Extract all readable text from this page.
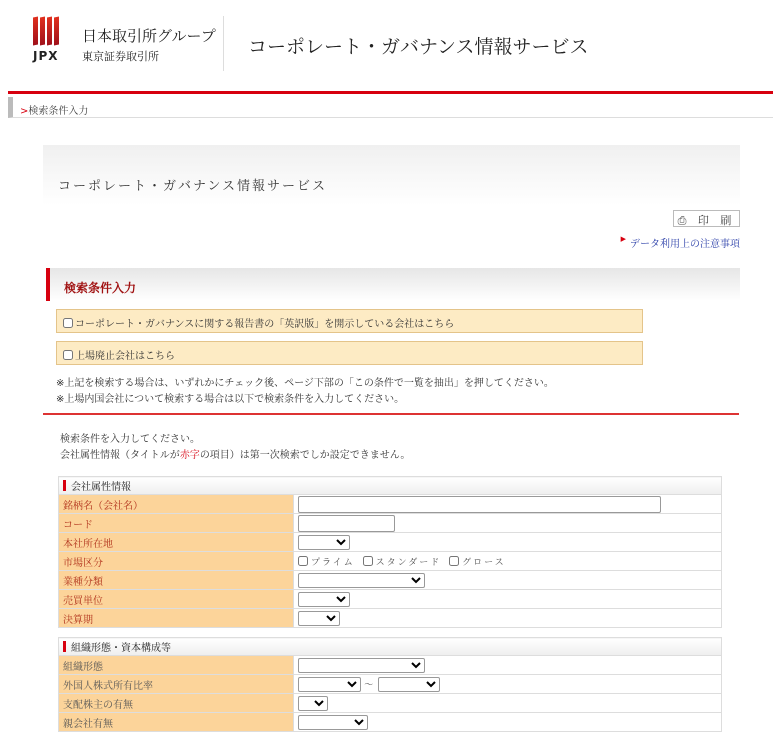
JPX
日本取引所グループ
東京証券取引所	コーポレート・ガバナンス情報サービス
>検索条件入力
コーポレート・ガバナンス情報サービス
⎙ 印 刷
▶ データ利用上の注意事項
検索条件入力
コーポレート・ガバナンスに関する報告書の「英訳版」を開示している会社はこちら
上場廃止会社はこちら
※上記を検索する場合は、いずれかにチェック後、ページ下部の「この条件で一覧を抽出」を押してください。
※上場内国会社について検索する場合は以下で検索条件を入力してください。
検索条件を入力してください。
会社属性情報（タイトルが赤字の項目）は第一次検索でしか設定できません。
会社属性情報	
銘柄名（会社名）	
コード	
本社所在地	
市場区分	プライム スタンダード グロース
業種分類	
売買単位	
決算期	
組織形態・資本構成等	
組織形態	
外国人株式所有比率	～
支配株主の有無	
親会社有無	
